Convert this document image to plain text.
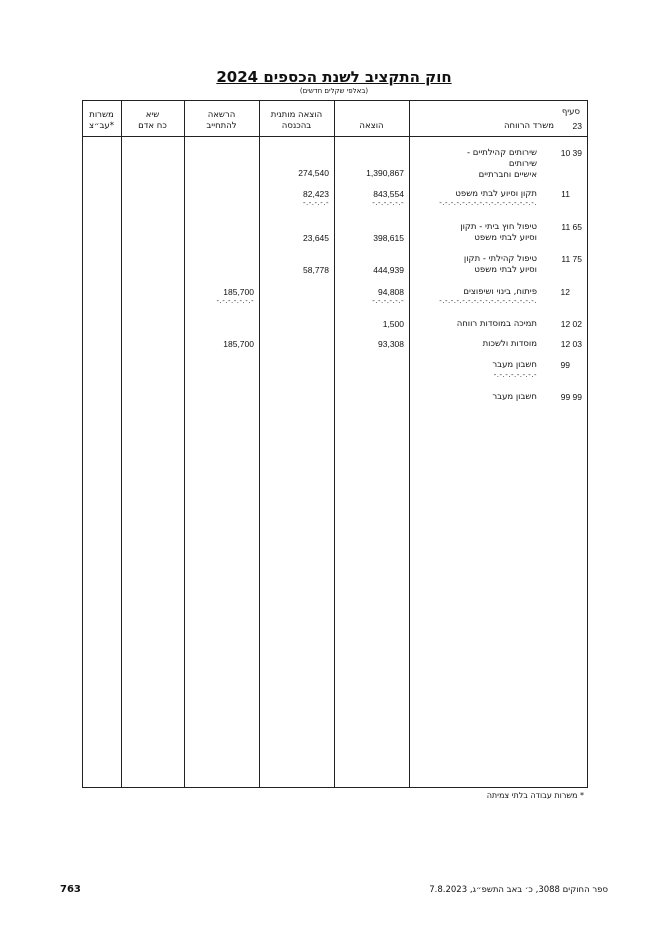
חוק התקציב לשנת הכספים 2024
(באלפי שקלים חדשים)
משרות
עב״צ*
שיא
כח אדם
הרשאה
להתחייב
הוצאה מותנית
בהכנסה	הוצאה
סעיף
23
משרד הרווחה
10 39
שירותים קהילתיים -
שירותים
אישיים וחברתיים
1,390,867
274,540
11
תקון וסיוע לבתי משפט
843,554
82,423
-.-.-.-.-.-.-.-.-.-.-.-.-.-.-.-.-.
-.-.-.-.-.-
-.-.-.-.-
11 65
טיפול חוץ ביתי - תקון
וסיוע לבתי משפט
398,615
23,645
11 75
טיפול קהילתי - תקון
וסיוע לבתי משפט
444,939
58,778
12
פיתוח, בינוי ושיפוצים
94,808
185,700
-.-.-.-.-.-.-.-.-.-.-.-.-.-.-.-.-.
-.-.-.-.-.-
-.-.-.-.-.-.-
12 02
תמיכה במוסדות רווחה
1,500
12 03
מוסדות ולשכות
93,308
185,700
99
חשבון מעבר
-.-.-.-.-.-.-.-
99 99
חשבון מעבר
* משרות עבודה בלתי צמיתה
763	ספר החוקים 3088, כ׳ באב התשפ״ג, 7.8.2023
